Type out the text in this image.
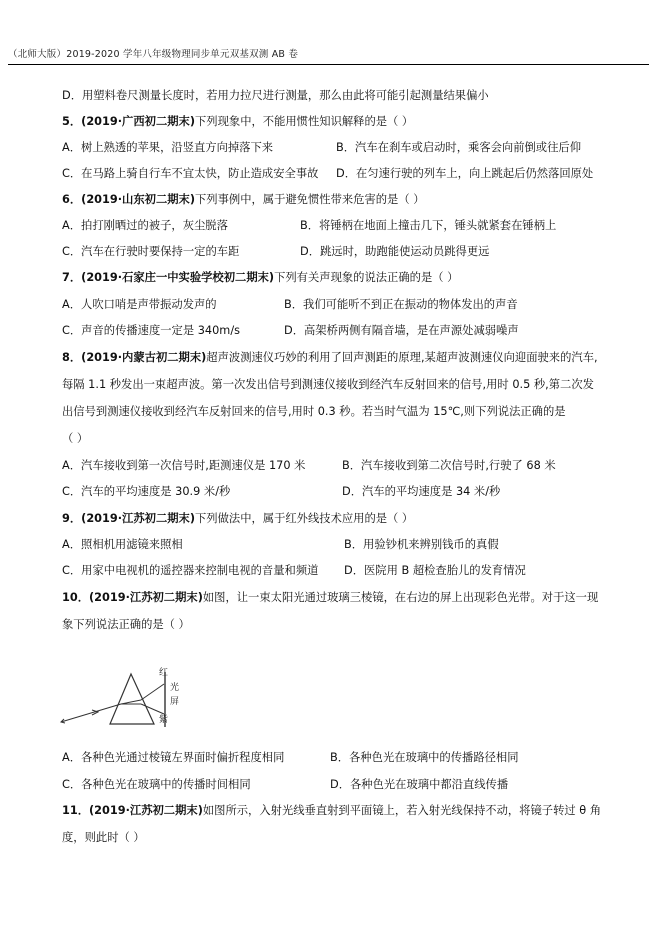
（北师大版）2019-2020 学年八年级物理同步单元双基双测 AB 卷
D．用塑料卷尺测量长度时，若用力拉尺进行测量，那么由此将可能引起测量结果偏小
5．(2019·广西初二期末)下列现象中，不能用惯性知识解释的是（ ）
A．树上熟透的苹果，沿竖直方向掉落下来	B．汽车在刹车或启动时，乘客会向前倒或往后仰
C．在马路上骑自行车不宜太快，防止造成安全事故 D．在匀速行驶的列车上，向上跳起后仍然落回原处
6．(2019·山东初二期末)下列事例中，属于避免惯性带来危害的是（ ）
A．拍打刚晒过的被子，灰尘脱落	B．将锤柄在地面上撞击几下，锤头就紧套在锤柄上
C．汽车在行驶时要保持一定的车距	D．跳远时，助跑能使运动员跳得更远
7．(2019·石家庄一中实验学校初二期末)下列有关声现象的说法正确的是（ ）
A．人吹口哨是声带振动发声的	B．我们可能听不到正在振动的物体发出的声音
C．声音的传播速度一定是 340m/s	D．高架桥两侧有隔音墙，是在声源处减弱噪声
8．(2019·内蒙古初二期末)超声波测速仪巧妙的利用了回声测距的原理,某超声波测速仪向迎面驶来的汽车,
每隔 1.1 秒发出一束超声波。第一次发出信号到测速仪接收到经汽车反射回来的信号,用时 0.5 秒,第二次发
出信号到测速仪接收到经汽车反射回来的信号,用时 0.3 秒。若当时气温为 15℃,则下列说法正确的是
（ ）
A．汽车接收到第一次信号时,距测速仪是 170 米	B．汽车接收到第二次信号时,行驶了 68 米
C．汽车的平均速度是 30.9 米/秒	D．汽车的平均速度是 34 米/秒
9．(2019·江苏初二期末)下列做法中，属于红外线技术应用的是（ ）
A．照相机用滤镜来照相	B．用验钞机来辨别钱币的真假
C．用家中电视机的遥控器来控制电视的音量和频道 D．医院用 B 超检查胎儿的发育情况
10．(2019·江苏初二期末)如图，让一束太阳光通过玻璃三棱镜，在右边的屏上出现彩色光带。对于这一现
象下列说法正确的是（ ）
红
光
屏
紫
A．各种色光通过棱镜左界面时偏折程度相同	B．各种色光在玻璃中的传播路径相同
C．各种色光在玻璃中的传播时间相同	D．各种色光在玻璃中都沿直线传播
11．(2019·江苏初二期末)如图所示，入射光线垂直射到平面镜上，若入射光线保持不动，将镜子转过 θ 角
度，则此时（ ）
